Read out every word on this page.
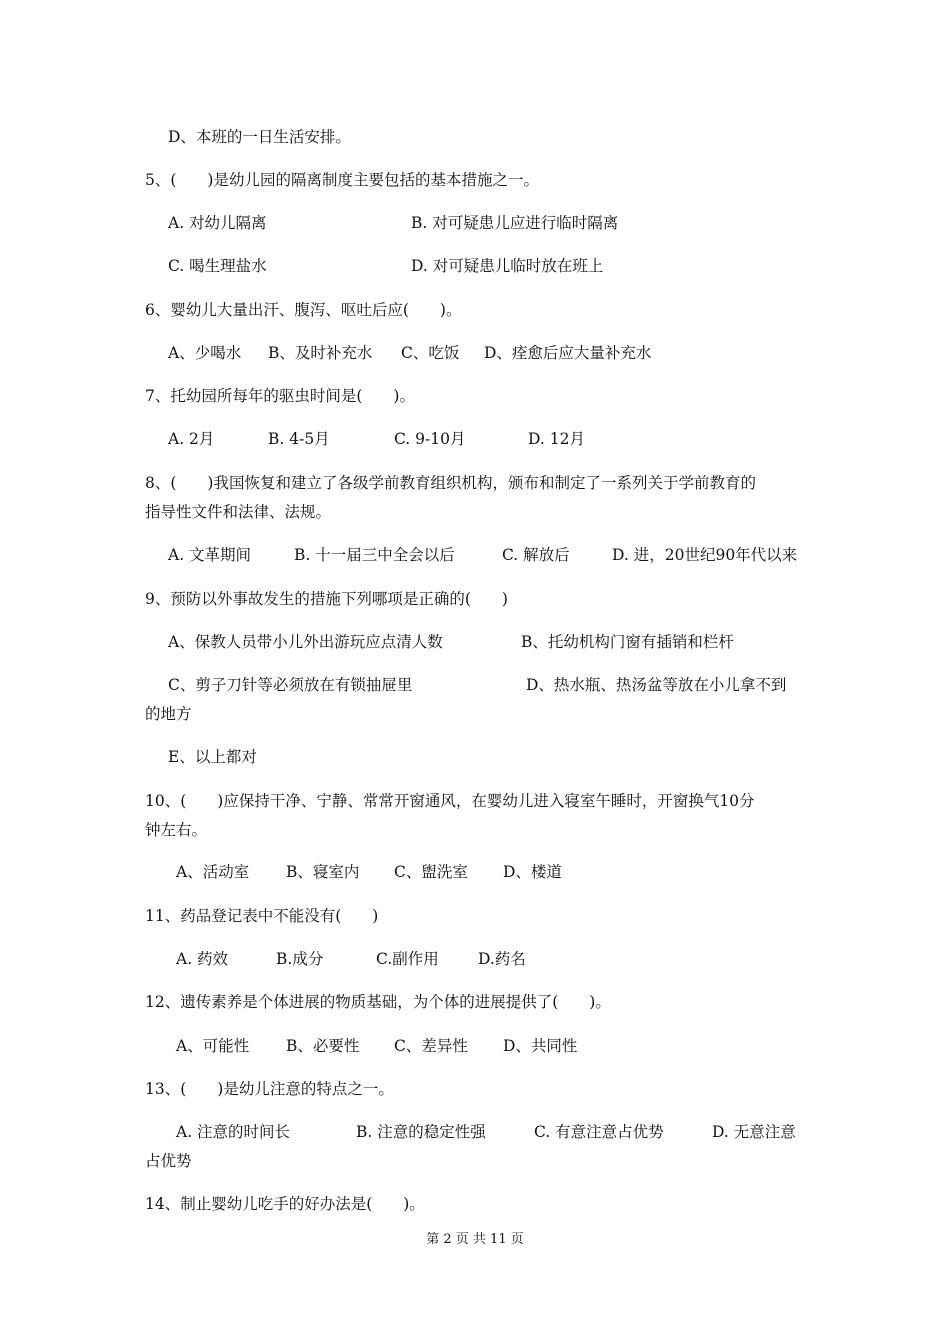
D、本班的一日生活安排。
5、(　　)是幼儿园的隔离制度主要包括的基本措施之一。
A. 对幼儿隔离	B. 对可疑患儿应进行临时隔离
C. 喝生理盐水	D. 对可疑患儿临时放在班上
6、婴幼儿大量出汗、腹泻、呕吐后应(　　)。
A、少喝水 B、及时补充水 C、吃饭 D、痊愈后应大量补充水
7、托幼园所每年的驱虫时间是(　　)。
A. 2月	B. 4-5月	C. 9-10月	D. 12月
8、(　　)我国恢复和建立了各级学前教育组织机构，颁布和制定了一系列关于学前教育的
指导性文件和法律、法规。
A. 文革期间	B. 十一届三中全会以后	C. 解放后	D. 进，20世纪90年代以来
9、预防以外事故发生的措施下列哪项是正确的(　　)
A、保教人员带小儿外出游玩应点清人数	B、托幼机构门窗有插销和栏杆
C、剪子刀针等必须放在有锁抽屉里	D、热水瓶、热汤盆等放在小儿拿不到
的地方
E、以上都对
10、(　　)应保持干净、宁静、常常开窗通风，在婴幼儿进入寝室午睡时，开窗换气10分
钟左右。
A、活动室 B、寝室内 C、盥洗室 D、楼道
11、药品登记表中不能没有(　　)
A. 药效	B.成分	C.副作用	D.药名
12、遗传素养是个体进展的物质基础，为个体的进展提供了(　　)。
A、可能性 B、必要性 C、差异性 D、共同性
13、(　　)是幼儿注意的特点之一。
A. 注意的时间长	B. 注意的稳定性强	C. 有意注意占优势	D. 无意注意
占优势
14、制止婴幼儿吃手的好办法是(　　)。
第 2 页 共 11 页
